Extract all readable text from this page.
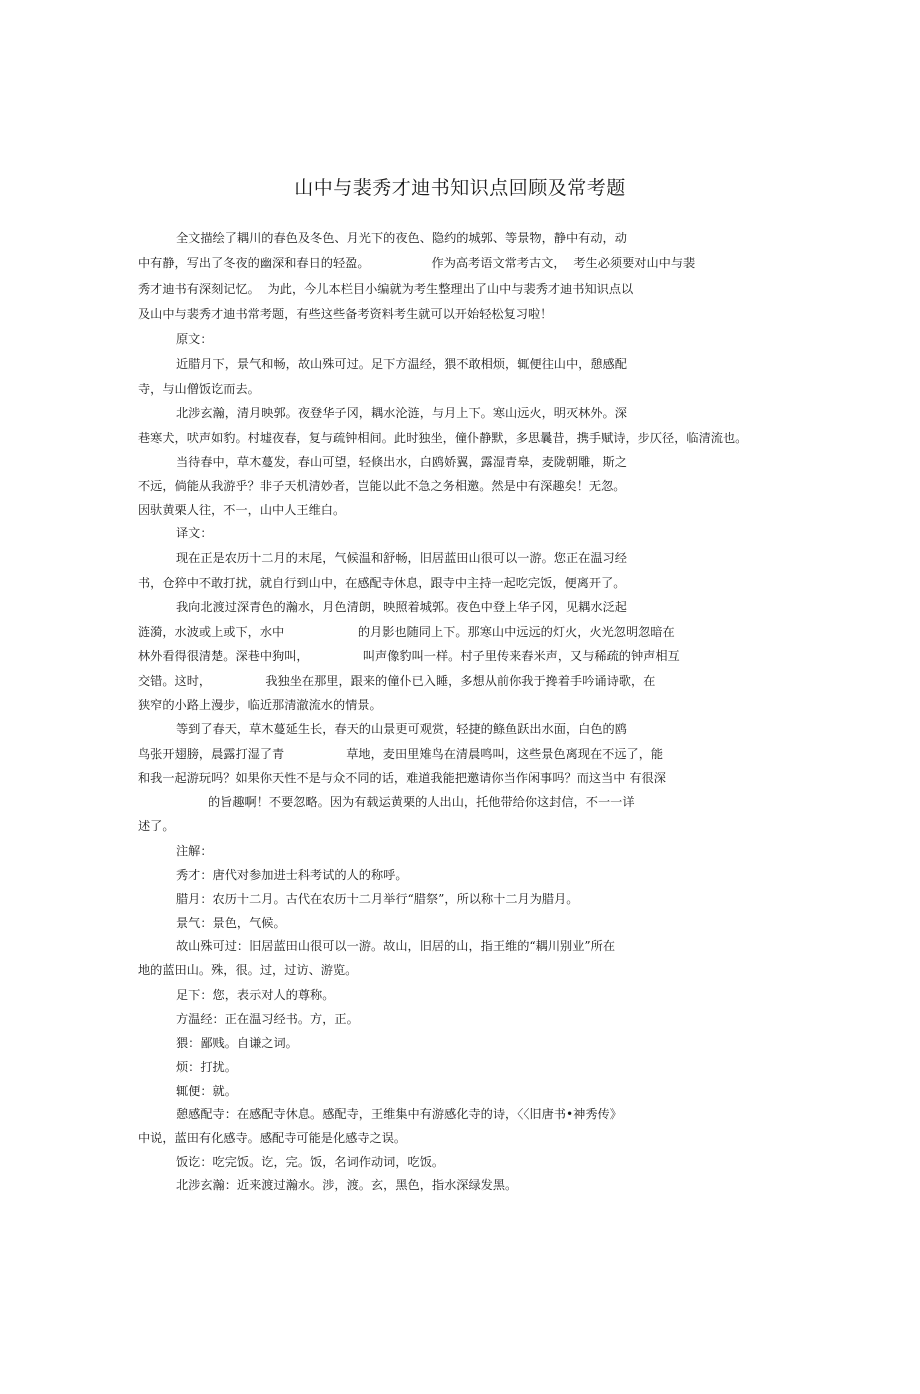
山中与裴秀才迪书知识点回顾及常考题
全文描绘了耦川的春色及冬色、月光下的夜色、隐约的城郭、等景物，静中有动，动
中有静，写出了冬夜的幽深和春日的轻盈。                作为高考语文常考古文，  考生必须要对山中与裴
秀才迪书有深刻记忆。  为此，今儿本栏目小编就为考生整理出了山中与裴秀才迪书知识点以
及山中与裴秀才迪书常考题，有些这些备考资料考生就可以开始轻松复习啦！
原文：
近腊月下，景气和畅，故山殊可过。足下方温经，猥不敢相烦，辄便往山中，憩感配
寺，与山僧饭讫而去。
北涉玄瀚，清月映郭。夜登华子冈，耦水沦涟，与月上下。寒山远火，明灭林外。深
巷寒犬，吠声如豹。村墟夜春，复与疏钟相间。此时独坐，僮仆静默，多思曩昔，携手赋诗，步仄径，临清流也。
当待春中，草木蔓发，春山可望，轻倏出水，白鸥娇翼，露湿青皋，麦陇朝雕，斯之
不远，倘能从我游乎？非子天机清妙者，岂能以此不急之务相邀。然是中有深趣矣！无忽。
因驮黄栗人往，不一，山中人王维白。
译文：
现在正是农历十二月的末尾，气候温和舒畅，旧居蓝田山很可以一游。您正在温习经
书，仓猝中不敢打扰，就自行到山中，在感配寺休息，跟寺中主持一起吃完饭，便离开了。
我向北渡过深青色的瀚水，月色清朗，映照着城郭。夜色中登上华子冈，见耦水泛起
涟漪，水波或上或下，水中                   的月影也随同上下。那寒山中远远的灯火，火光忽明忽暗在
林外看得很清楚。深巷中狗叫，              叫声像豹叫一样。村子里传来舂米声，又与稀疏的钟声相互
交错。这时，              我独坐在那里，跟来的僮仆已入睡，多想从前你我于搀着手吟诵诗歌，在
狭窄的小路上漫步，临近那清澈流水的情景。
等到了春天，草木蔓延生长，春天的山景更可观赏，轻捷的鲦鱼跃出水面，白色的鸥
鸟张开翅膀，晨露打湿了青                草地，麦田里雉鸟在清晨鸣叫，这些景色离现在不远了，能
和我一起游玩吗？如果你天性不是与众不同的话，难道我能把邀请你当作闲事吗？而这当中 有很深
的旨趣啊！不要忽略。因为有载运黄栗的人出山，托他带给你这封信，不一一详
述了。
注解：
秀才：唐代对参加进士科考试的人的称呼。
腊月：农历十二月。古代在农历十二月举行“腊祭”，所以称十二月为腊月。
景气：景色，气候。
故山殊可过：旧居蓝田山很可以一游。故山，旧居的山，指王维的“耦川别业”所在
地的蓝田山。殊，很。过，过访、游览。
足下：您，表示对人的尊称。
方温经：正在温习经书。方，正。
猥：鄙贱。自谦之词。
烦：打扰。
辄便：就。
憩感配寺：在感配寺休息。感配寺，王维集中有游感化寺的诗，〈〈旧唐书•神秀传》
中说，蓝田有化感寺。感配寺可能是化感寺之误。
饭讫：吃完饭。讫，完。饭，名词作动词，吃饭。
北涉玄瀚：近来渡过瀚水。涉，渡。玄，黑色，指水深绿发黑。
